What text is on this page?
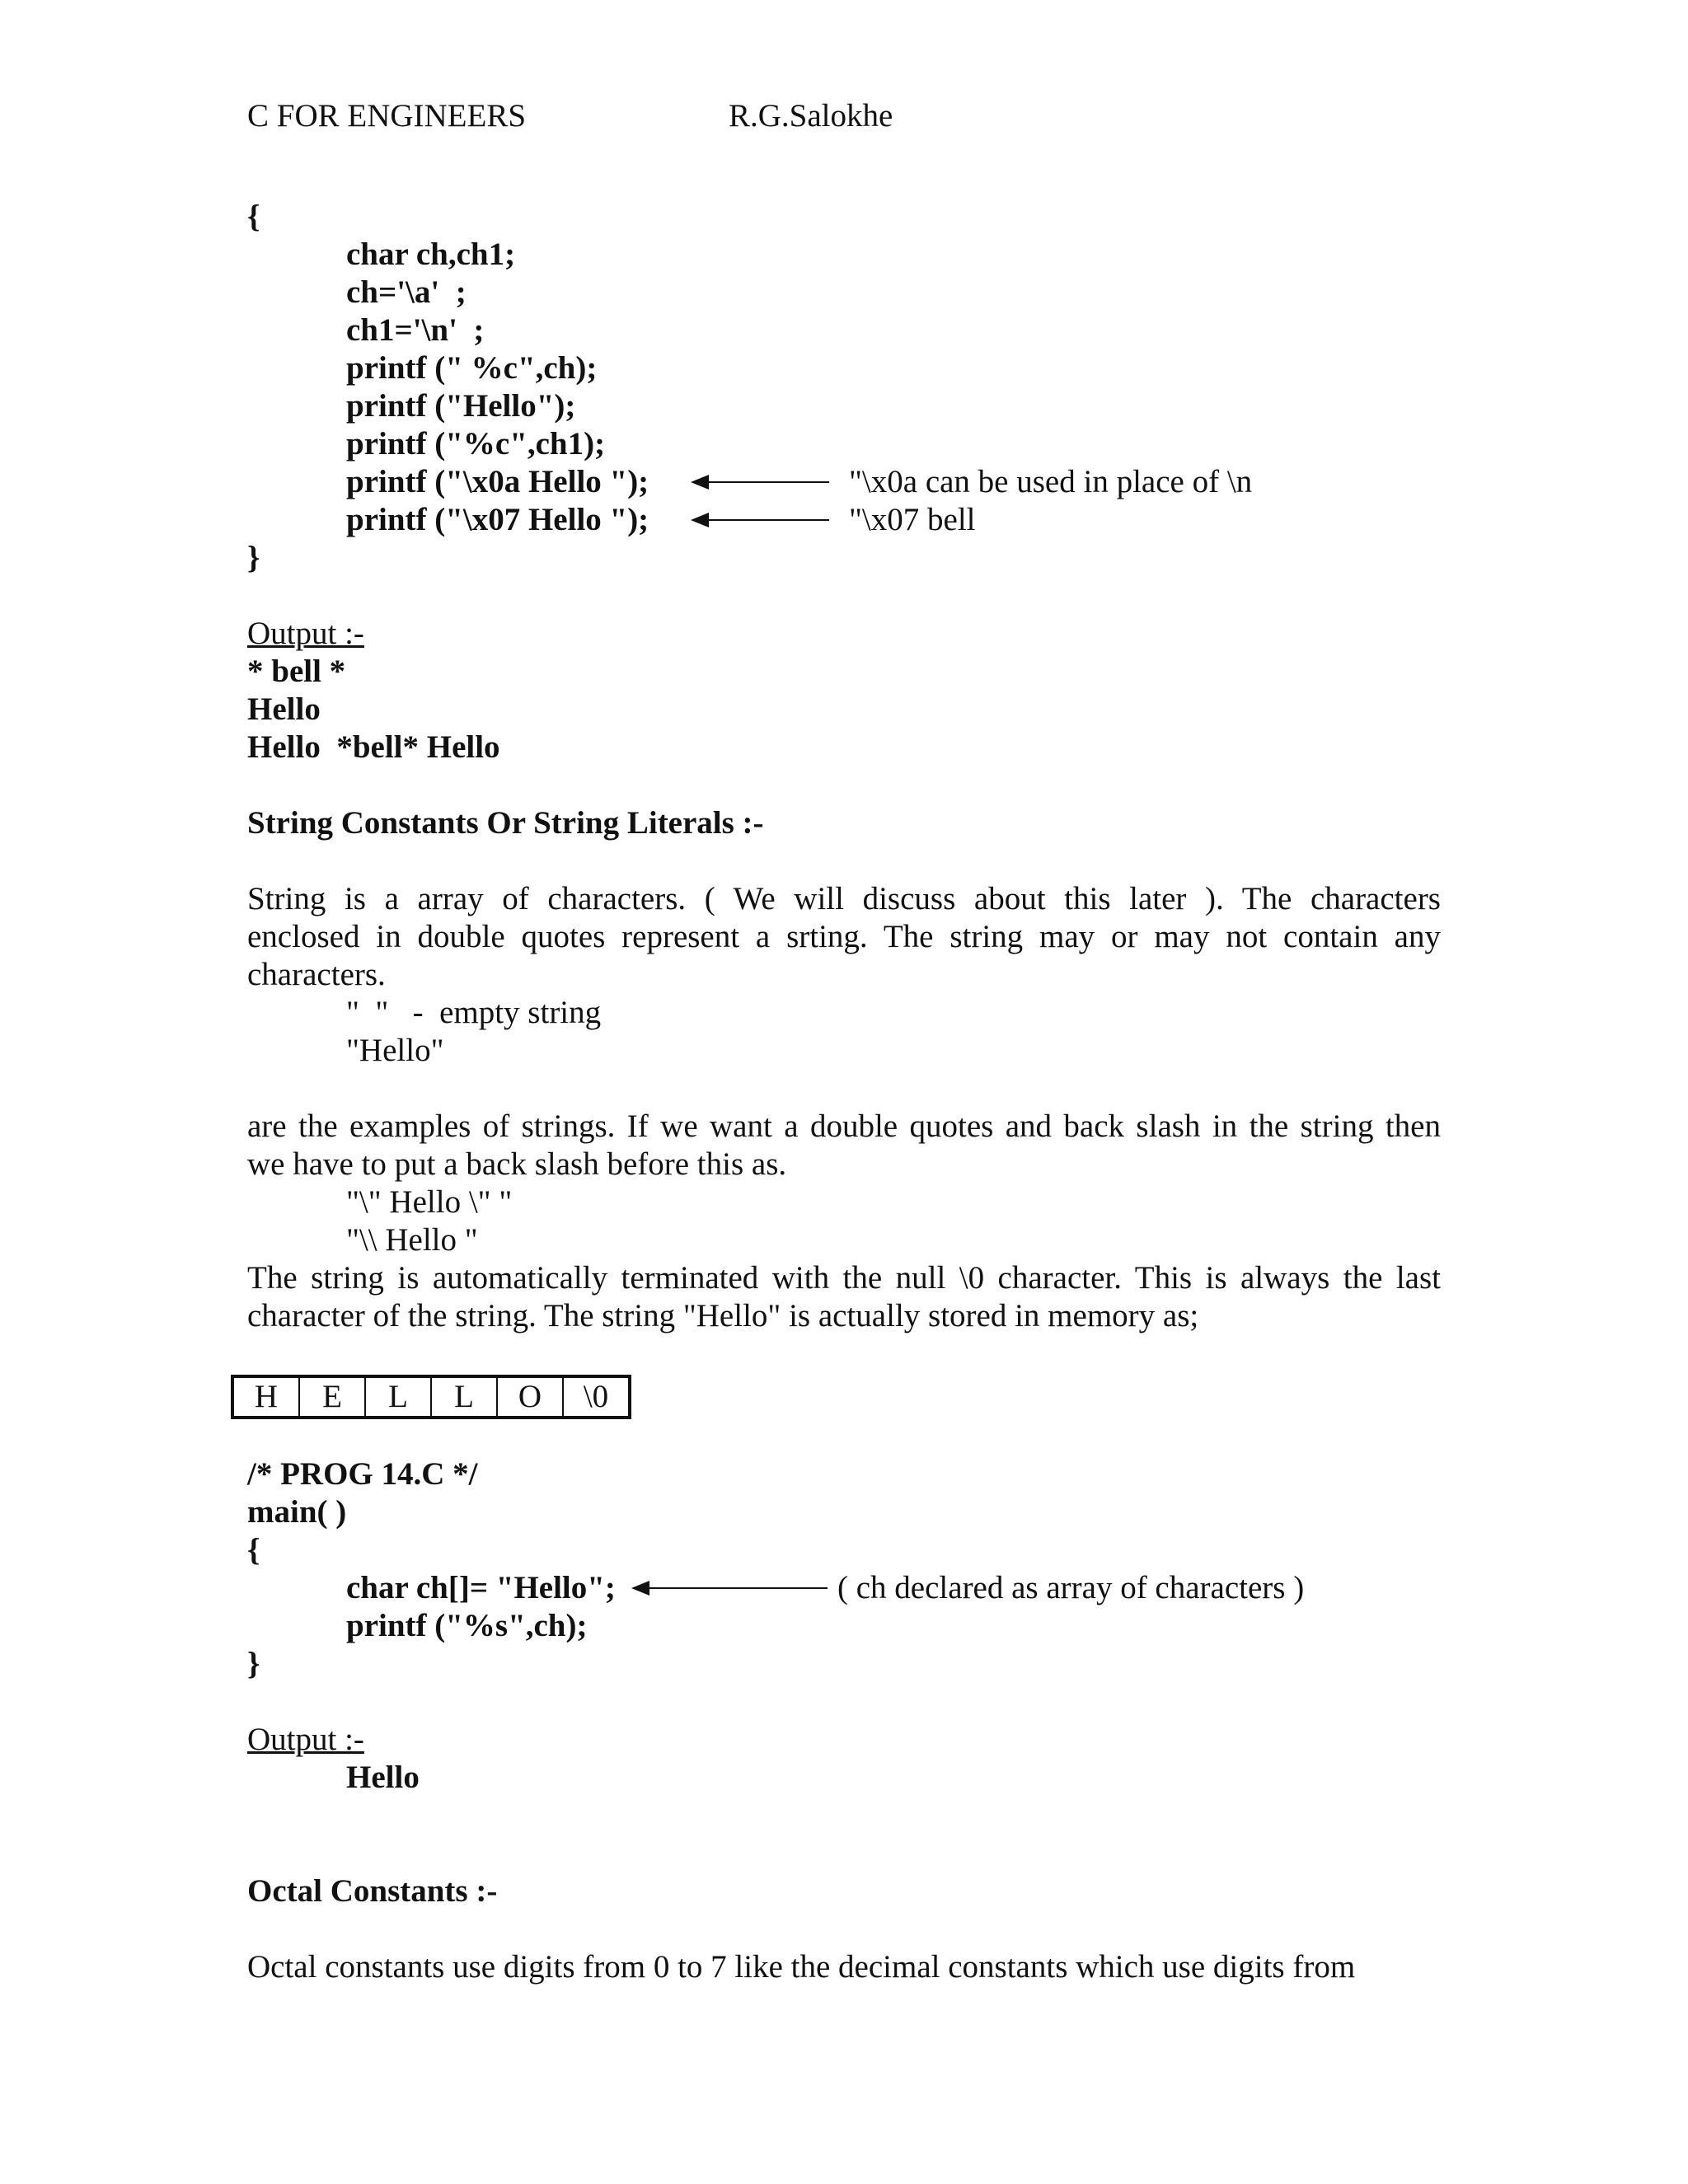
C FOR ENGINEERS	R.G.Salokhe
{
char ch,ch1;
ch='\a'  ;
ch1='\n'  ;
printf (" %c",ch);
printf ("Hello");
printf ("%c",ch1);
printf ("\x0a Hello ");
printf ("\x07 Hello ");
"\x0a can be used in place of \n
"\x07 bell
}
Output :-
* bell *
Hello
Hello  *bell* Hello
String Constants Or String Literals :-
String is a array of characters. ( We will discuss about this later ). The characters
enclosed in double quotes represent a srting. The string may or may not contain any
characters.
"  "   -  empty string
"Hello"
are the examples of strings. If we want a double quotes and back slash in the string then
we have to put a back slash before this as.
"\" Hello \" "
"\\ Hello "
The string is automatically terminated with the null \0 character. This is always the last
character of the string. The string "Hello" is actually stored in memory as;
H	E	L	L	O	\0
/* PROG 14.C */
main( )
{
char ch[]= "Hello";	( ch declared as array of characters )
printf ("%s",ch);
}
Output :-
Hello
Octal Constants :-
Octal constants use digits from 0 to 7 like the decimal constants which use digits from
